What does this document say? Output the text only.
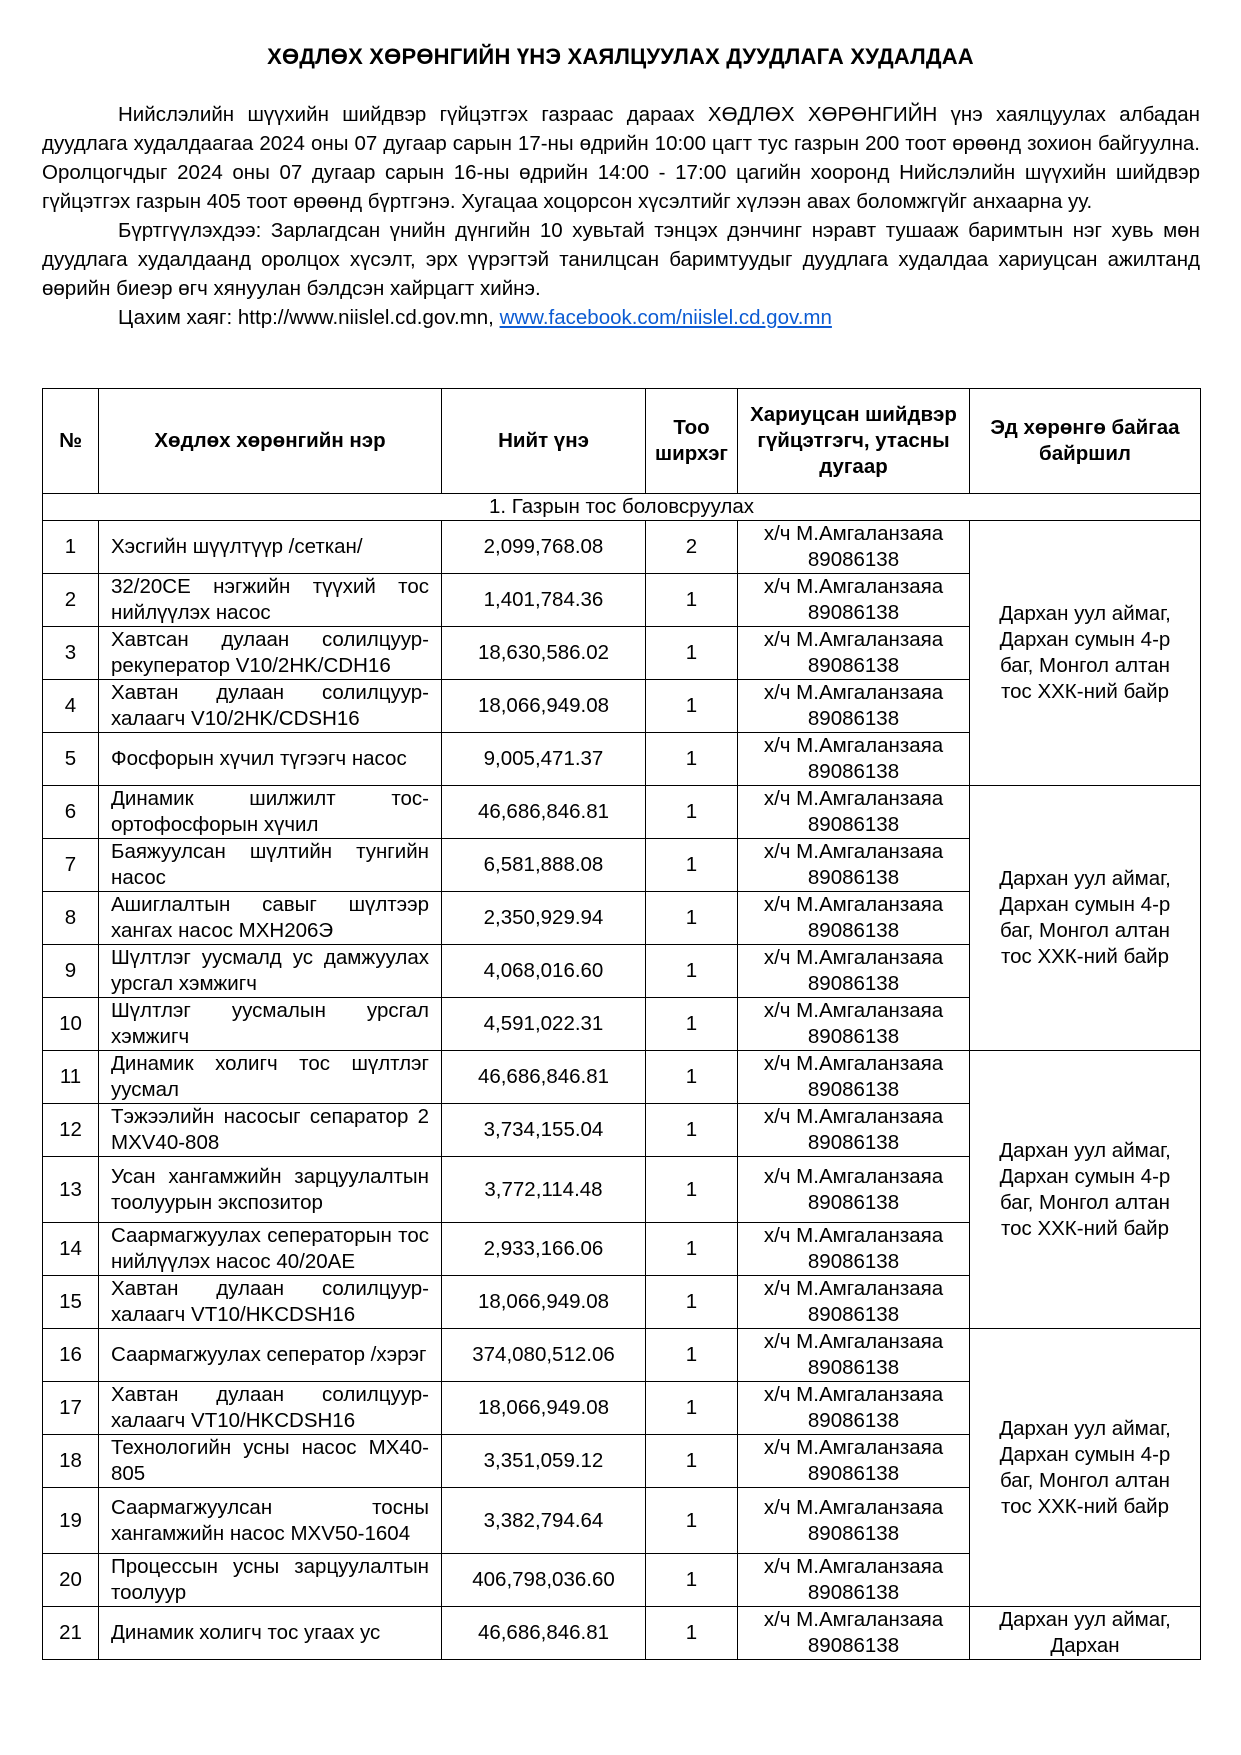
ХӨДЛӨХ ХӨРӨНГИЙН ҮНЭ ХАЯЛЦУУЛАХ ДУУДЛАГА ХУДАЛДАА

Нийслэлийн шүүхийн шийдвэр гүйцэтгэх газраас дараах ХӨДЛӨХ ХӨРӨНГИЙН үнэ хаялцуулах албадан дуудлага худалдаагаа 2024 оны 07 дугаар сарын 17-ны өдрийн 10:00 цагт тус газрын 200 тоот өрөөнд зохион байгуулна. Оролцогчдыг 2024 оны 07 дугаар сарын 16-ны өдрийн 14:00 - 17:00 цагийн хооронд Нийслэлийн шүүхийн шийдвэр гүйцэтгэх газрын 405 тоот өрөөнд бүртгэнэ. Хугацаа хоцорсон хүсэлтийг хүлээн авах боломжгүйг анхаарна уу.

Бүртгүүлэхдээ: Зарлагдсан үнийн дүнгийн 10 хувьтай тэнцэх дэнчинг нэравт тушааж баримтын нэг хувь мөн дуудлага худалдаанд оролцох хүсэлт, эрх үүрэгтэй танилцсан баримтуудыг дуудлага худалдаа хариуцсан ажилтанд өөрийн биеэр өгч хянуулан бэлдсэн хайрцагт хийнэ.

Цахим хаяг: http://www.niislel.cd.gov.mn, www.facebook.com/niislel.cd.gov.mn

№	Хөдлөх хөрөнгийн нэр	Нийт үнэ	Тоо ширхэг	Хариуцсан шийдвэр гүйцэтгэгч, утасны дугаар	Эд хөрөнгө байгаа байршил
1. Газрын тос боловсруулах					
1	Хэсгийн шүүлтүүр /сеткан/	2,099,768.08	2	х/ч М.Амгаланзаяа 89086138	Дархан уул аймаг, Дархан сумын 4-р баг, Монгол алтан тос ХХК-ний байр
2	32/20CE нэгжийн түүхий тос нийлүүлэх насос	1,401,784.36	1	х/ч М.Амгаланзаяа 89086138	
3	Хавтсан дулаан солилцуур-рекуператор V10/2HK/CDH16	18,630,586.02	1	х/ч М.Амгаланзаяа 89086138	
4	Хавтан дулаан солилцуур-халаагч V10/2HK/CDSH16	18,066,949.08	1	х/ч М.Амгаланзаяа 89086138	
5	Фосфорын хүчил түгээгч насос	9,005,471.37	1	х/ч М.Амгаланзаяа 89086138	
6	Динамик шилжилт тос-ортофосфорын хүчил	46,686,846.81	1	х/ч М.Амгаланзаяа 89086138	Дархан уул аймаг, Дархан сумын 4-р баг, Монгол алтан тос ХХК-ний байр
7	Баяжуулсан шүлтийн тунгийн насос	6,581,888.08	1	х/ч М.Амгаланзаяа 89086138	
8	Ашиглалтын савыг шүлтээр хангах насос МХН206Э	2,350,929.94	1	х/ч М.Амгаланзаяа 89086138	
9	Шүлтлэг уусмалд ус дамжуулах урсгал хэмжигч	4,068,016.60	1	х/ч М.Амгаланзаяа 89086138	
10	Шүлтлэг уусмалын урсгал хэмжигч	4,591,022.31	1	х/ч М.Амгаланзаяа 89086138	
11	Динамик холигч тос шүлтлэг уусмал	46,686,846.81	1	х/ч М.Амгаланзаяа 89086138	Дархан уул аймаг, Дархан сумын 4-р баг, Монгол алтан тос ХХК-ний байр
12	Тэжээлийн насосыг сепаратор 2 MXV40-808	3,734,155.04	1	х/ч М.Амгаланзаяа 89086138	
13	Усан хангамжийн зарцуулалтын тоолуурын экспозитор	3,772,114.48	1	х/ч М.Амгаланзаяа 89086138	
14	Саармагжуулах сеператорын тос нийлүүлэх насос 40/20AE	2,933,166.06	1	х/ч М.Амгаланзаяа 89086138	
15	Хавтан дулаан солилцуур-халаагч VT10/HKCDSH16	18,066,949.08	1	х/ч М.Амгаланзаяа 89086138	
16	Саармагжуулах сеператор /хэрэг	374,080,512.06	1	х/ч М.Амгаланзаяа 89086138	Дархан уул аймаг, Дархан сумын 4-р баг, Монгол алтан тос ХХК-ний байр
17	Хавтан дулаан солилцуур-халаагч VT10/HKCDSH16	18,066,949.08	1	х/ч М.Амгаланзаяа 89086138	
18	Технологийн усны насос MX40-805	3,351,059.12	1	х/ч М.Амгаланзаяа 89086138	
19	Саармагжуулсан тосны хангамжийн насос MXV50-1604	3,382,794.64	1	х/ч М.Амгаланзаяа 89086138	
20	Процессын усны зарцуулалтын тоолуур	406,798,036.60	1	х/ч М.Амгаланзаяа 89086138	
21	Динамик холигч тос угаах ус	46,686,846.81	1	х/ч М.Амгаланзаяа 89086138	Дархан уул аймаг, Дархан
